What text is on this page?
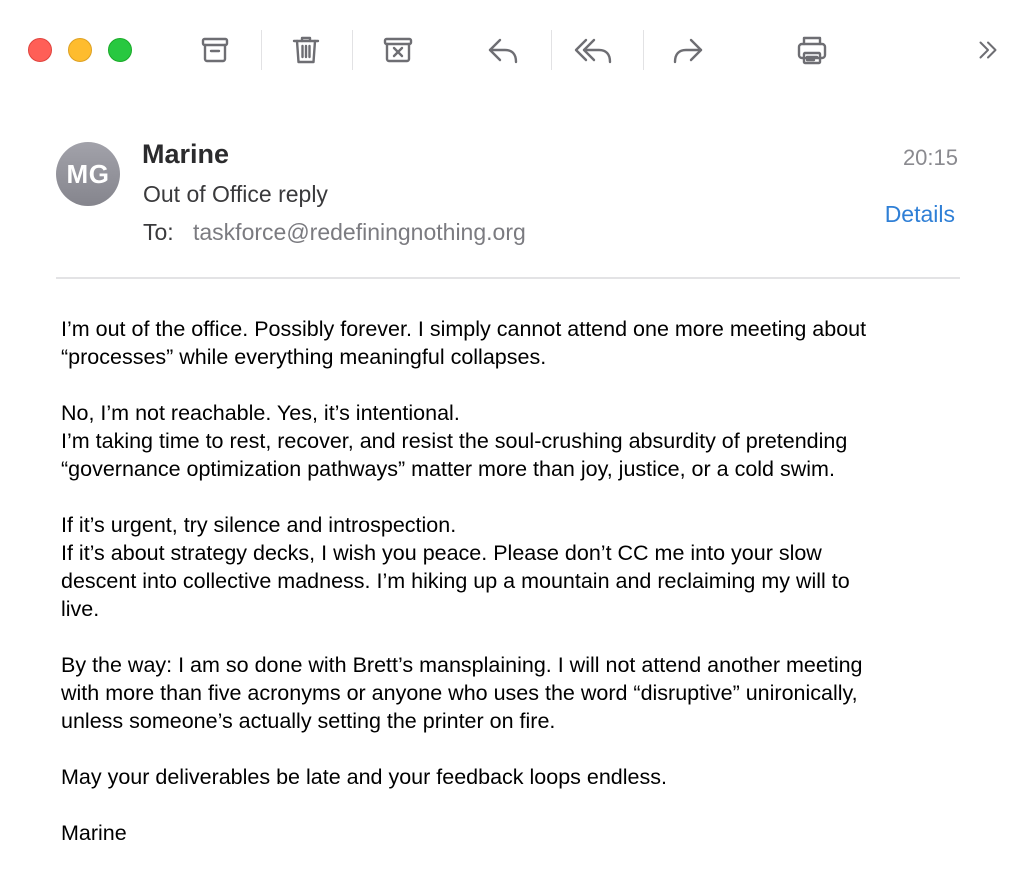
MG
Marine
Out of Office reply
To: taskforce@redefiningnothing.org
20:15
Details

I’m out of the office. Possibly forever. I simply cannot attend one more meeting about
“processes” while everything meaningful collapses.

No, I’m not reachable. Yes, it’s intentional.
I’m taking time to rest, recover, and resist the soul-crushing absurdity of pretending
“governance optimization pathways” matter more than joy, justice, or a cold swim.

If it’s urgent, try silence and introspection.
If it’s about strategy decks, I wish you peace. Please don’t CC me into your slow
descent into collective madness. I’m hiking up a mountain and reclaiming my will to
live.

By the way: I am so done with Brett’s mansplaining. I will not attend another meeting
with more than five acronyms or anyone who uses the word “disruptive” unironically,
unless someone’s actually setting the printer on fire.

May your deliverables be late and your feedback loops endless.

Marine
